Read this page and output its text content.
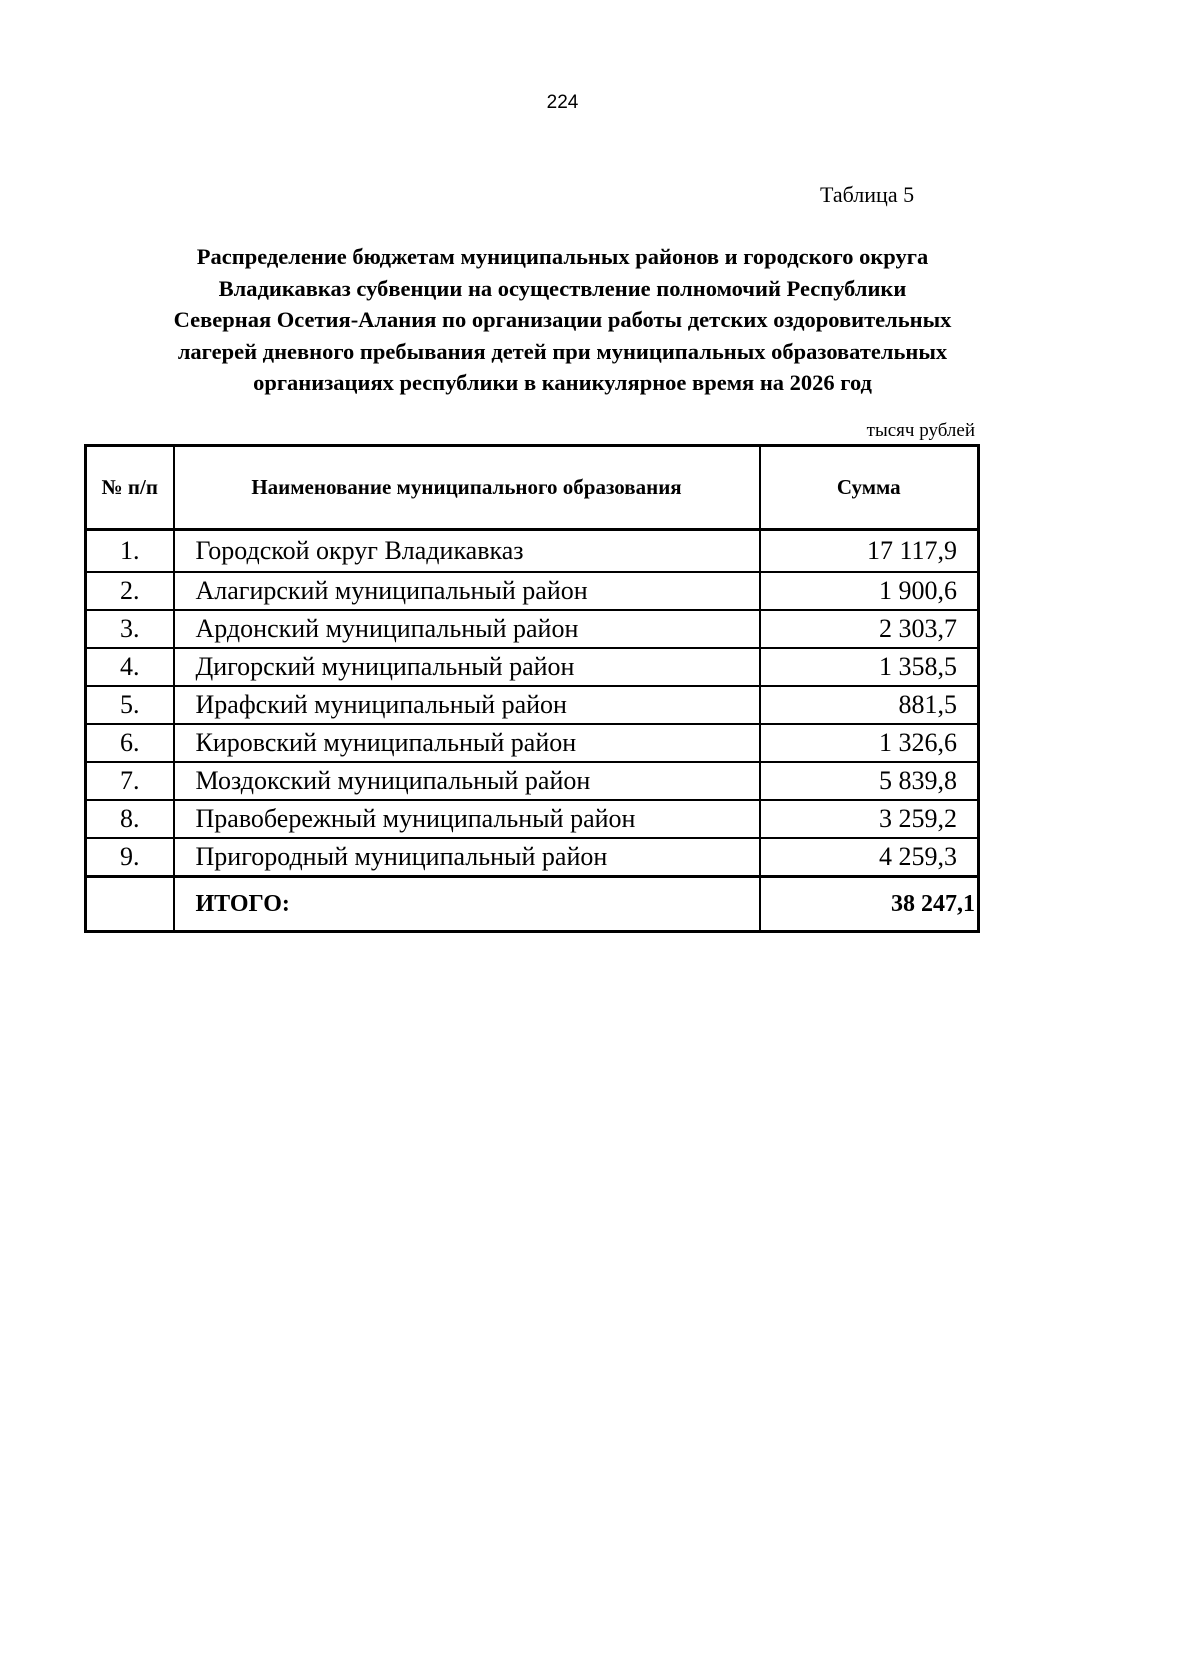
224
Таблица 5
Распределение бюджетам муниципальных районов и городского округа
Владикавказ субвенции на осуществление полномочий Республики
Северная Осетия-Алания по организации работы детских оздоровительных
лагерей дневного пребывания детей при муниципальных образовательных
организациях республики в каникулярное время на 2026 год
тысяч рублей
№ п/п	Наименование муниципального образования	Сумма
1.	Городской округ Владикавказ	17 117,9
2.	Алагирский муниципальный район	1 900,6
3.	Ардонский муниципальный район	2 303,7
4.	Дигорский муниципальный район	1 358,5
5.	Ирафский муниципальный район	881,5
6.	Кировский муниципальный район	1 326,6
7.	Моздокский муниципальный район	5 839,8
8.	Правобережный муниципальный район	3 259,2
9.	Пригородный муниципальный район	4 259,3
	ИТОГО:	38 247,1
